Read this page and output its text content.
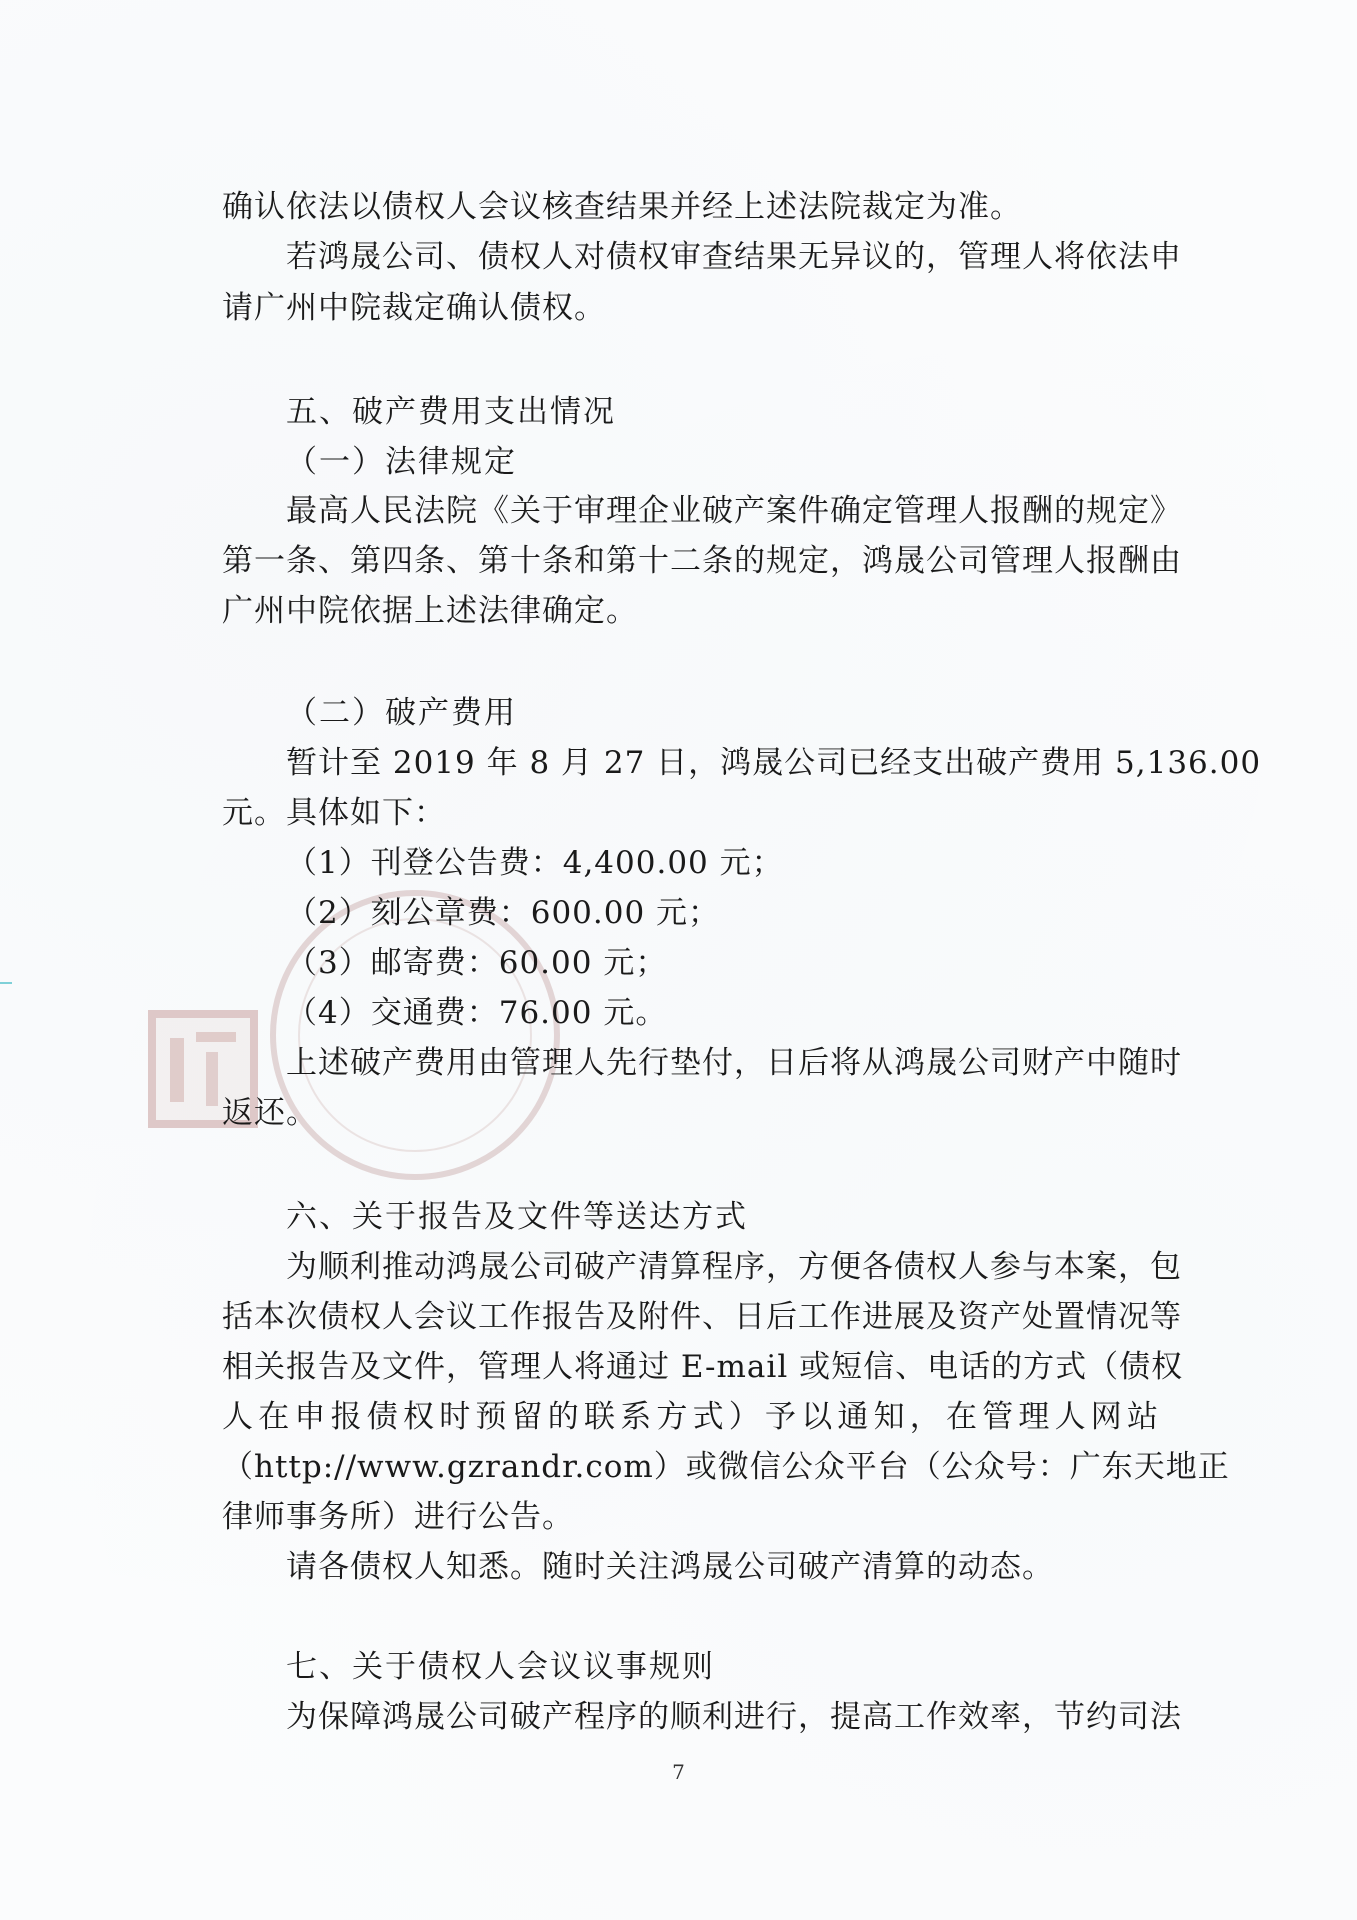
确认依法以债权人会议核查结果并经上述法院裁定为准。
若鸿晟公司、债权人对债权审查结果无异议的，管理人将依法申
请广州中院裁定确认债权。
五、破产费用支出情况
（一）法律规定
最高人民法院《关于审理企业破产案件确定管理人报酬的规定》
第一条、第四条、第十条和第十二条的规定，鸿晟公司管理人报酬由
广州中院依据上述法律确定。
（二）破产费用
暂计至 2019 年 8 月 27 日，鸿晟公司已经支出破产费用 5,136.00
元。具体如下：
（1）刊登公告费：4,400.00 元；
（2）刻公章费：600.00 元；
（3）邮寄费：60.00 元；
（4）交通费：76.00 元。
上述破产费用由管理人先行垫付，日后将从鸿晟公司财产中随时
返还。
六、关于报告及文件等送达方式
为顺利推动鸿晟公司破产清算程序，方便各债权人参与本案，包
括本次债权人会议工作报告及附件、日后工作进展及资产处置情况等
相关报告及文件，管理人将通过 E-mail 或短信、电话的方式（债权
人在申报债权时预留的联系方式）予以通知，在管理人网站
（http://www.gzrandr.com）或微信公众平台（公众号：广东天地正
律师事务所）进行公告。
请各债权人知悉。随时关注鸿晟公司破产清算的动态。
七、关于债权人会议议事规则
为保障鸿晟公司破产程序的顺利进行，提高工作效率，节约司法
7
